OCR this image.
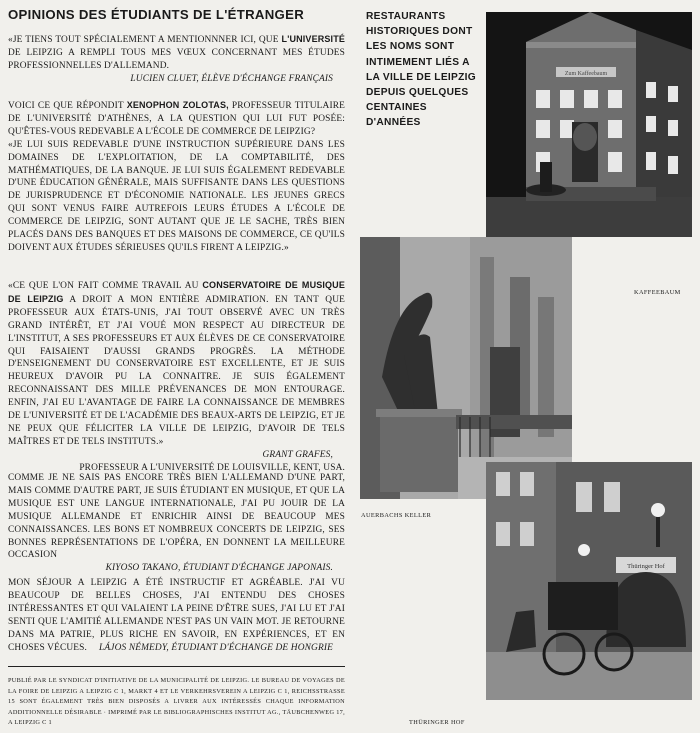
OPINIONS DES ÉTUDIANTS DE L'ÉTRANGER

«JE TIENS TOUT SPÉCIALEMENT A MENTIONNNER ICI, QUE L'UNIVERSITÉ DE LEIPZIG A REMPLI TOUS MES VŒUX CONCERNANT MES ÉTUDES PROFESSIONNELLES D'ALLEMAND.

LUCIEN CLUET, ÉLÈVE D'ÉCHANGE FRANÇAIS

VOICI CE QUE RÉPONDIT XENOPHON ZOLOTAS, PROFESSEUR TITULAIRE DE L'UNIVERSITÉ D'ATHÈNES, A LA QUESTION QUI LUI FUT POSÉE: QU'ÊTES-VOUS REDEVABLE A L'ÉCOLE DE COMMERCE DE LEIPZIG?

«JE LUI SUIS REDEVABLE D'UNE INSTRUCTION SUPÉRIEURE DANS LES DOMAINES DE L'EXPLOITATION, DE LA COMPTABILITÉ, DES MATHÉMATIQUES, DE LA BANQUE. JE LUI SUIS ÉGALEMENT REDEVABLE D'UNE ÉDUCATION GÉNÉRALE, MAIS SUFFISANTE DANS LES QUESTIONS DE JURISPRUDENCE ET D'ÉCONOMIE NATIONALE. LES JEUNES GRECS QUI SONT VENUS FAIRE AUTREFOIS LEURS ÉTUDES A L'ÉCOLE DE COMMERCE DE LEIPZIG, SONT AUTANT QUE JE LE SACHE, TRÈS BIEN PLACÉS DANS DES BANQUES ET DES MAISONS DE COMMERCE, CE QU'ILS DOIVENT AUX ÉTUDES SÉRIEUSES QU'ILS FIRENT A LEIPZIG.»

«CE QUE L'ON FAIT COMME TRAVAIL AU CONSERVATOIRE DE MUSIQUE DE LEIPZIG A DROIT A MON ENTIÈRE ADMIRATION. EN TANT QUE PROFESSEUR AUX ÉTATS-UNIS, J'AI TOUT OBSERVÉ AVEC UN TRÈS GRAND INTÉRÊT, ET J'AI VOUÉ MON RESPECT AU DIRECTEUR DE L'INSTITUT, A SES PROFESSEURS ET AUX ÉLÈVES DE CE CONSERVATOIRE QUI FAISAIENT D'AUSSI GRANDS PROGRÈS. LA MÉTHODE D'ENSEIGNEMENT DU CONSERVATOIRE EST EXCELLENTE, ET JE SUIS HEUREUX D'AVOIR PU LA CONNAITRE. JE SUIS ÉGALEMENT RECONNAISSANT DES MILLE PRÉVENANCES DE MON ENTOURAGE. ENFIN, J'AI EU L'AVANTAGE DE FAIRE LA CONNAISSANCE DE MEMBRES DE L'UNIVERSITÉ ET DE L'ACADÉMIE DES BEAUX-ARTS DE LEIPZIG, ET JE NE PEUX QUE FÉLICITER LA VILLE DE LEIPZIG, D'AVOIR DE TELS MAÎTRES ET DE TELS INSTITUTS.»

GRANT GRAFES,

PROFESSEUR A L'UNIVERSITÉ DE LOUISVILLE, KENT, USA.

COMME JE NE SAIS PAS ENCORE TRÈS BIEN L'ALLEMAND D'UNE PART, MAIS COMME D'AUTRE PART, JE SUIS ÉTUDIANT EN MUSIQUE, ET QUE LA MUSIQUE EST UNE LANGUE INTERNATIONALE, J'AI PU JOUIR DE LA MUSIQUE ALLEMANDE ET ENRICHIR AINSI DE BEAUCOUP MES CONNAISSANCES. LES BONS ET NOMBREUX CONCERTS DE LEIPZIG, SES BONNES REPRÉSENTATIONS DE L'OPÉRA, EN DONNENT LA MEILLEURE OCCASION

KIYOSO TAKANO, ÉTUDIANT D'ÉCHANGE JAPONAIS.

MON SÉJOUR A LEIPZIG A ÉTÉ INSTRUCTIF ET AGRÉABLE. J'AI VU BEAUCOUP DE BELLES CHOSES, J'AI ENTENDU DES CHOSES INTÉRESSANTES ET QUI VALAIENT LA PEINE D'ÊTRE SUES, J'AI LU ET J'AI SENTI QUE L'AMITIÉ ALLEMANDE N'EST PAS UN VAIN MOT. JE RETOURNE DANS MA PATRIE, PLUS RICHE EN SAVOIR, EN EXPÉRIENCES, ET EN CHOSES VÉCUES.	LÁJOS NÉMEDY, ÉTUDIANT D'ÉCHANGE DE HONGRIE

PUBLIÉ PAR LE SYNDICAT D'INITIATIVE DE LA MUNICIPALITÉ DE LEIPZIG. LE BUREAU DE VOYAGES DE LA FOIRE DE LEIPZIG A LEIPZIG C 1, MARKT 4 ET LE VERKEHRSVEREIN A LEIPZIG C 1, REICHSSTRASSE 15 SONT ÉGALEMENT TRÈS BIEN DISPOSÉS A LIVRER AUX INTÉRESSÉS CHAQUE INFORMATION ADDITIONNELLE DÉSIRABLE · IMPRIMÉ PAR LE BIBLIOGRAPHISCHES INSTITUT AG., TÄUBCHENWEG 17, A LEIPZIG C 1
RESTAURANTS HISTORIQUES DONT LES NOMS SONT INTIMEMENT LIÉS A LA VILLE DE LEIPZIG DEPUIS QUELQUES CENTAINES D'ANNÉES
Zum Kaffeebaum
KAFFEEBAUM
AUERBACHS KELLER
Thüringer Hof
THÜRINGER HOF
